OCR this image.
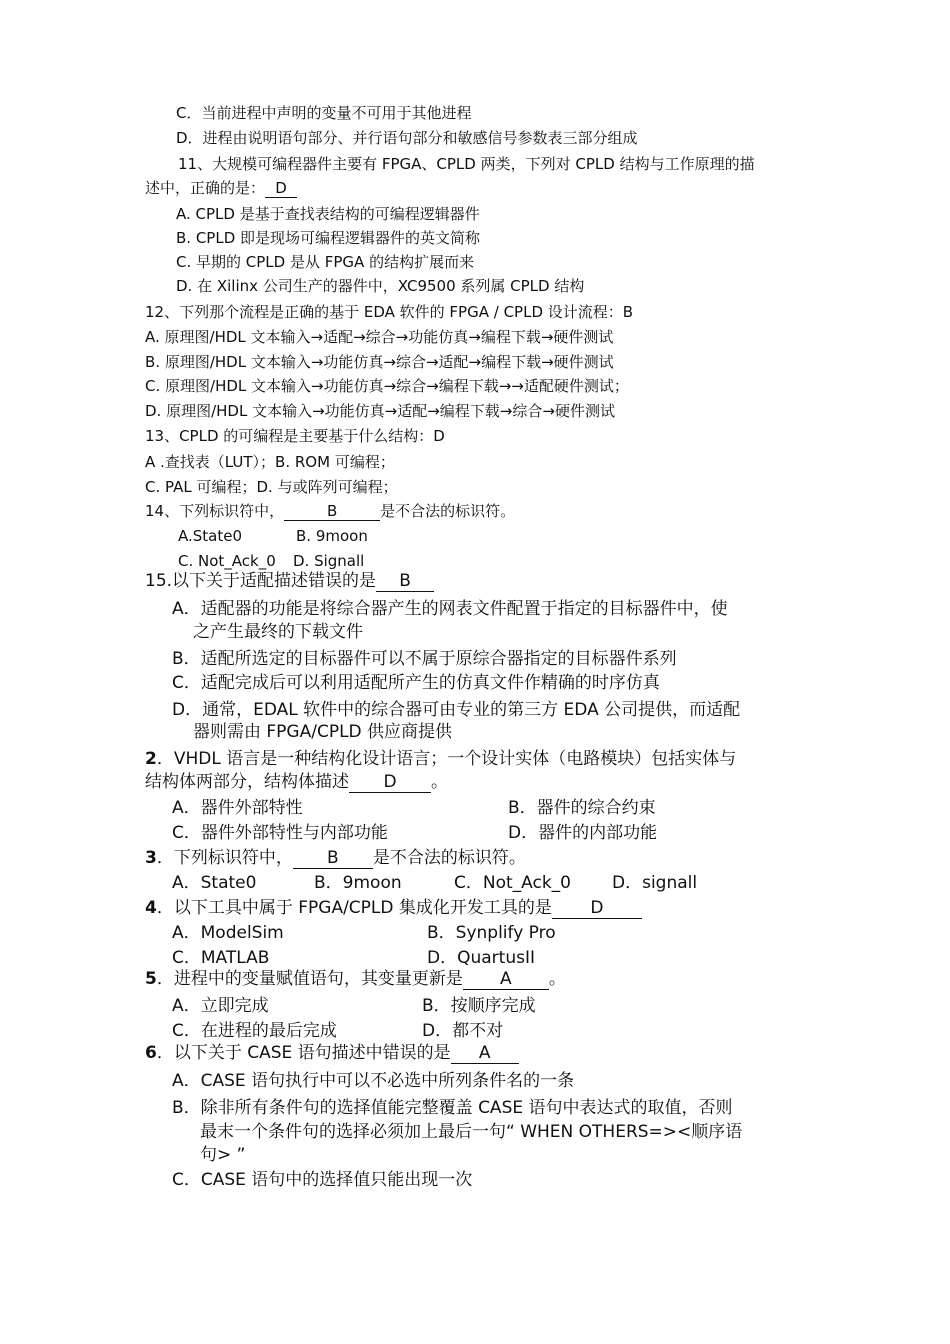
C．当前进程中声明的变量不可用于其他进程
D．进程由说明语句部分、并行语句部分和敏感信号参数表三部分组成
11、大规模可编程器件主要有 FPGA、CPLD 两类，下列对 CPLD 结构与工作原理的描
述中，正确的是： D
A. CPLD 是基于查找表结构的可编程逻辑器件
B. CPLD 即是现场可编程逻辑器件的英文简称
C. 早期的 CPLD 是从 FPGA 的结构扩展而来
D. 在 Xilinx 公司生产的器件中，XC9500 系列属 CPLD 结构
12、下列那个流程是正确的基于 EDA 软件的 FPGA / CPLD 设计流程：B
A. 原理图/HDL 文本输入→适配→综合→功能仿真→编程下载→硬件测试
B. 原理图/HDL 文本输入→功能仿真→综合→适配→编程下载→硬件测试
C. 原理图/HDL 文本输入→功能仿真→综合→编程下载→→适配硬件测试；
D. 原理图/HDL 文本输入→功能仿真→适配→编程下载→综合→硬件测试
13、CPLD 的可编程是主要基于什么结构：D
A .查找表（LUT）；B. ROM 可编程；
C. PAL 可编程；D. 与或阵列可编程；
14、下列标识符中，	B	是不合法的标识符。
A.State0	B. 9moon
C. Not_Ack_0 D. Signall
15.以下关于适配描述错误的是 B
A．适配器的功能是将综合器产生的网表文件配置于指定的目标器件中，使
之产生最终的下载文件
B．适配所选定的目标器件可以不属于原综合器指定的目标器件系列
C．适配完成后可以利用适配所产生的仿真文件作精确的时序仿真
D．通常，EDAL 软件中的综合器可由专业的第三方 EDA 公司提供，而适配
器则需由 FPGA/CPLD 供应商提供
2．VHDL 语言是一种结构化设计语言；一个设计实体（电路模块）包括实体与
结构体两部分，结构体描述 D 。
A．器件外部特性	B．器件的综合约束
C．器件外部特性与内部功能	D．器件的内部功能
3．下列标识符中， B 是不合法的标识符。
A．State0	B．9moon	C．Not_Ack_0 D．signall
4．以下工具中属于 FPGA/CPLD 集成化开发工具的是 D
A．ModelSim	B．Synplify Pro
C．MATLAB	D．QuartusII
5．进程中的变量赋值语句，其变量更新是 A 。
A．立即完成	B．按顺序完成
C．在进程的最后完成	D．都不对
6．以下关于 CASE 语句描述中错误的是 A
A．CASE 语句执行中可以不必选中所列条件名的一条
B．除非所有条件句的选择值能完整覆盖 CASE 语句中表达式的取值，否则
最末一个条件句的选择必须加上最后一句“ WHEN OTHERS=><顺序语
句> ”
C．CASE 语句中的选择值只能出现一次
